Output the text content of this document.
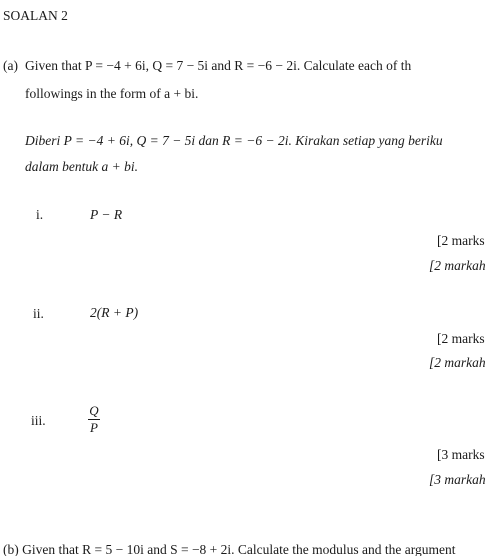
SOALAN 2
(a) Given that P = −4 + 6i, Q = 7 − 5i and R = −6 − 2i. Calculate each of th
followings in the form of a + bi.
Diberi P = −4 + 6i, Q = 7 − 5i dan R = −6 − 2i. Kirakan setiap yang beriku
dalam bentuk a + bi.
i.	P − R
[2 marks
[2 markah
ii.	2(R + P)
[2 marks
[2 markah
iii.
Q
P
[3 marks
[3 markah
(b) Given that R = 5 − 10i and S = −8 + 2i. Calculate the modulus and the argument
